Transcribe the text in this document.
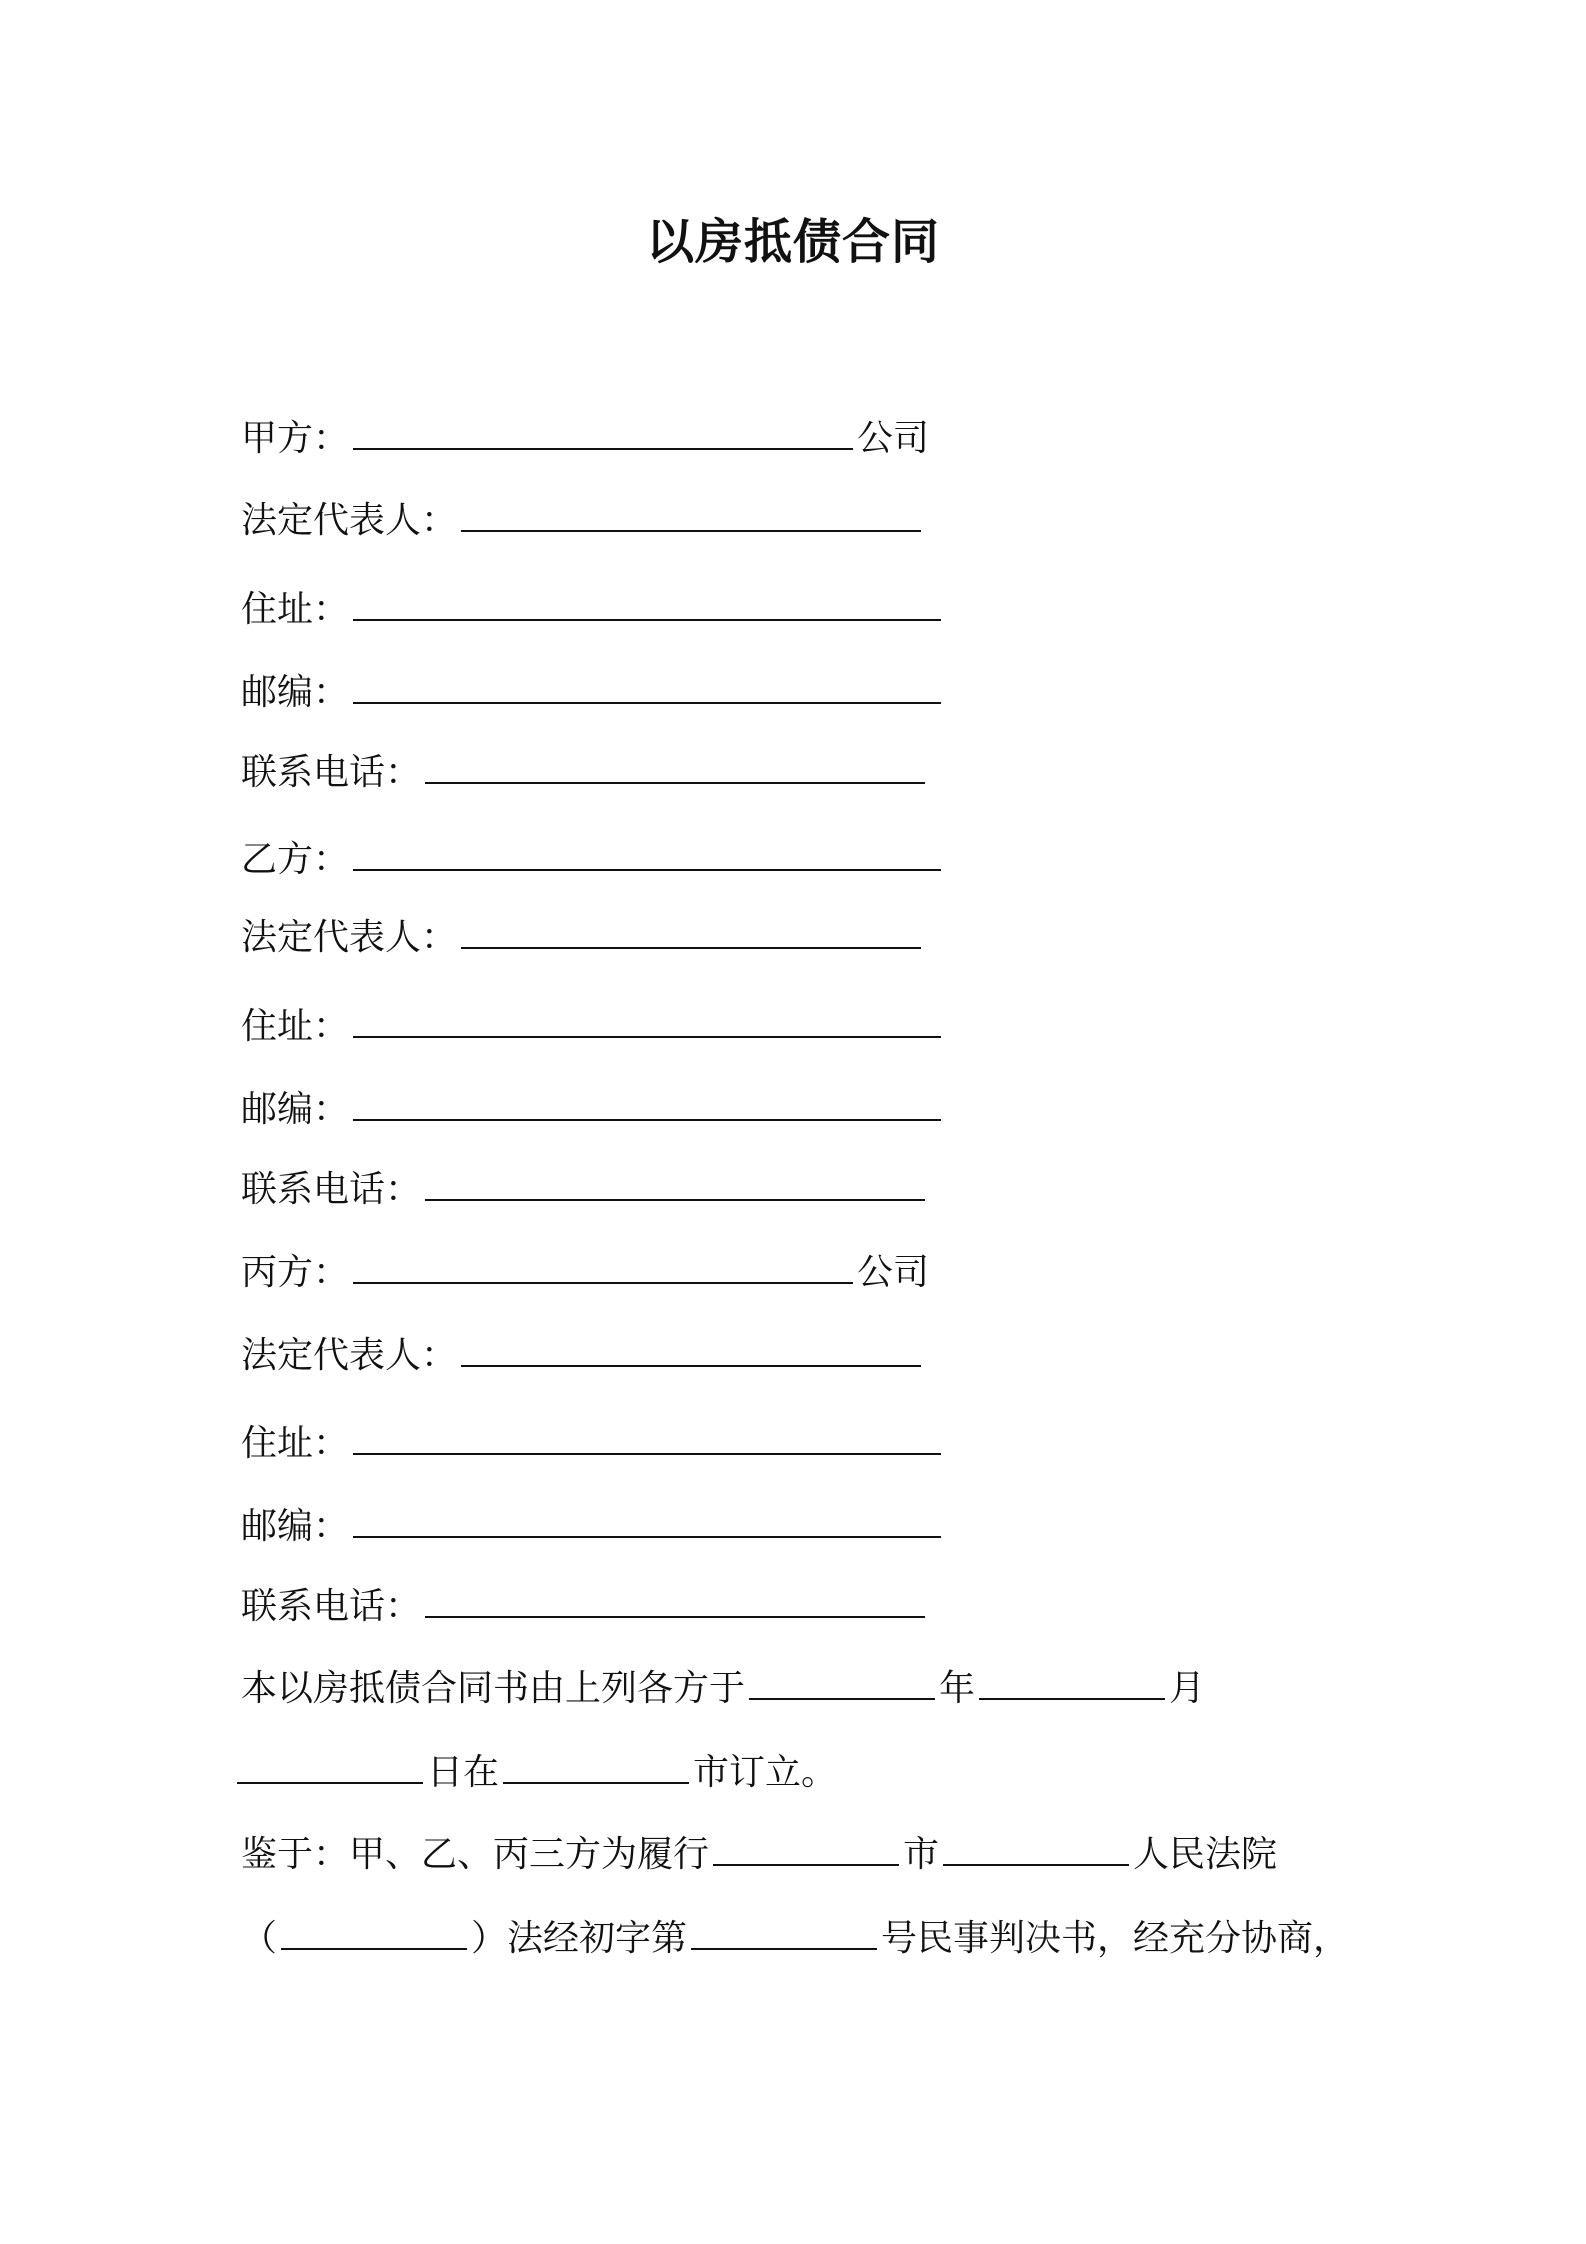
以房抵债合同
甲方：	公司
法定代表人：
住址：
邮编：
联系电话：
乙方：
法定代表人：
住址：
邮编：
联系电话：
丙方：	公司
法定代表人：
住址：
邮编：
联系电话：
本以房抵债合同书由上列各方于	年	月
日在	市订立。
鉴于：甲、乙、丙三方为履行	市	人民法院
（	）法经初字第	号民事判决书，经充分协商，
